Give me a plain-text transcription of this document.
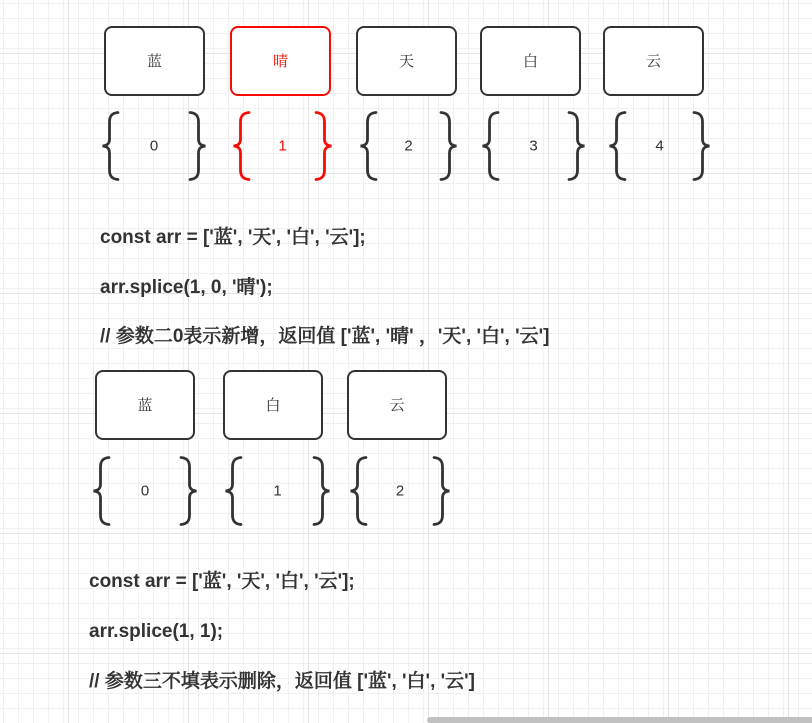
蓝	晴	天	白	云
0	1	2	3	4
const arr = ['蓝', '天', '白', '云'];
arr.splice(1, 0, '晴');
// 参数二0表示新增，返回值 ['蓝', '晴' ，'天', '白', '云']
蓝	白	云
0	1	2
const arr = ['蓝', '天', '白', '云'];
arr.splice(1, 1);
// 参数三不填表示删除，返回值 ['蓝', '白', '云']
